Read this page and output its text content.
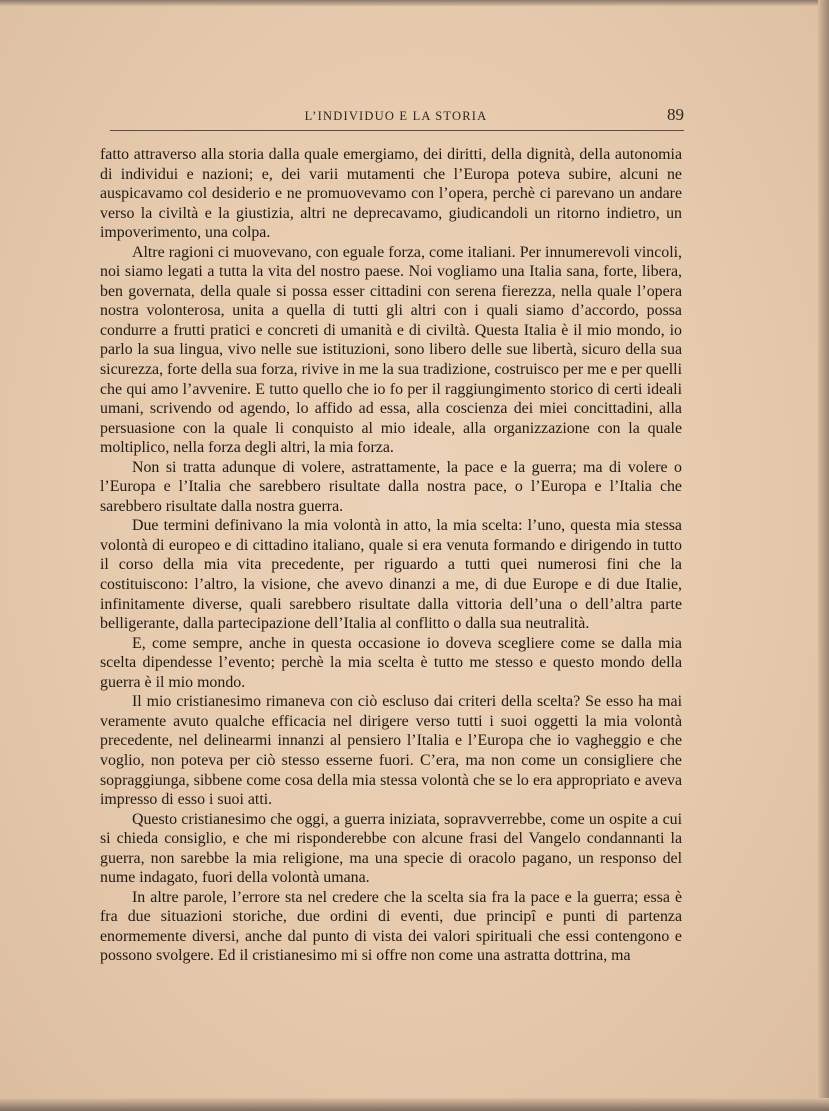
L’INDIVIDUO E LA STORIA	89

fatto attraverso alla storia dalla quale emergiamo, dei diritti, della dignità, della autonomia di individui e nazioni; e, dei varii mutamenti che l’Europa poteva subire, alcuni ne auspicavamo col desiderio e ne promuovevamo con l’opera, perchè ci parevano un andare verso la civiltà e la giustizia, altri ne deprecavamo, giudicandoli un ritorno indietro, un impoverimento, una colpa.

Altre ragioni ci muovevano, con eguale forza, come italiani. Per innumerevoli vincoli, noi siamo legati a tutta la vita del nostro paese. Noi vogliamo una Italia sana, forte, libera, ben governata, della quale si possa esser cittadini con serena fierezza, nella quale l’opera nostra volonterosa, unita a quella di tutti gli altri con i quali siamo d’accordo, possa condurre a frutti pratici e concreti di umanità e di civiltà. Questa Italia è il mio mondo, io parlo la sua lingua, vivo nelle sue istituzioni, sono libero delle sue libertà, sicuro della sua sicurezza, forte della sua forza, rivive in me la sua tradizione, costruisco per me e per quelli che qui amo l’avvenire. E tutto quello che io fo per il raggiungimento storico di certi ideali umani, scrivendo od agendo, lo affido ad essa, alla coscienza dei miei concittadini, alla persuasione con la quale li conquisto al mio ideale, alla organizzazione con la quale moltiplico, nella forza degli altri, la mia forza.

Non si tratta adunque di volere, astrattamente, la pace e la guerra; ma di volere o l’Europa e l’Italia che sarebbero risultate dalla nostra pace, o l’Europa e l’Italia che sarebbero risultate dalla nostra guerra.

Due termini definivano la mia volontà in atto, la mia scelta: l’uno, questa mia stessa volontà di europeo e di cittadino italiano, quale si era venuta formando e dirigendo in tutto il corso della mia vita precedente, per riguardo a tutti quei numerosi fini che la costituiscono: l’altro, la visione, che avevo dinanzi a me, di due Europe e di due Italie, infinitamente diverse, quali sarebbero risultate dalla vittoria dell’una o dell’altra parte belligerante, dalla partecipazione dell’Italia al conflitto o dalla sua neutralità.

E, come sempre, anche in questa occasione io doveva scegliere come se dalla mia scelta dipendesse l’evento; perchè la mia scelta è tutto me stesso e questo mondo della guerra è il mio mondo.

Il mio cristianesimo rimaneva con ciò escluso dai criteri della scelta? Se esso ha mai veramente avuto qualche efficacia nel dirigere verso tutti i suoi oggetti la mia volontà precedente, nel delinearmi innanzi al pensiero l’Italia e l’Europa che io vagheggio e che voglio, non poteva per ciò stesso esserne fuori. C’era, ma non come un consigliere che sopraggiunga, sibbene come cosa della mia stessa volontà che se lo era appropriato e aveva impresso di esso i suoi atti.

Questo cristianesimo che oggi, a guerra iniziata, sopravverrebbe, come un ospite a cui si chieda consiglio, e che mi risponderebbe con alcune frasi del Vangelo condannanti la guerra, non sarebbe la mia religione, ma una specie di oracolo pagano, un responso del nume indagato, fuori della volontà umana.

In altre parole, l’errore sta nel credere che la scelta sia fra la pace e la guerra; essa è fra due situazioni storiche, due ordini di eventi, due principî e punti di partenza enormemente diversi, anche dal punto di vista dei valori spirituali che essi contengono e possono svolgere. Ed il cristianesimo mi si offre non come una astratta dottrina, ma
